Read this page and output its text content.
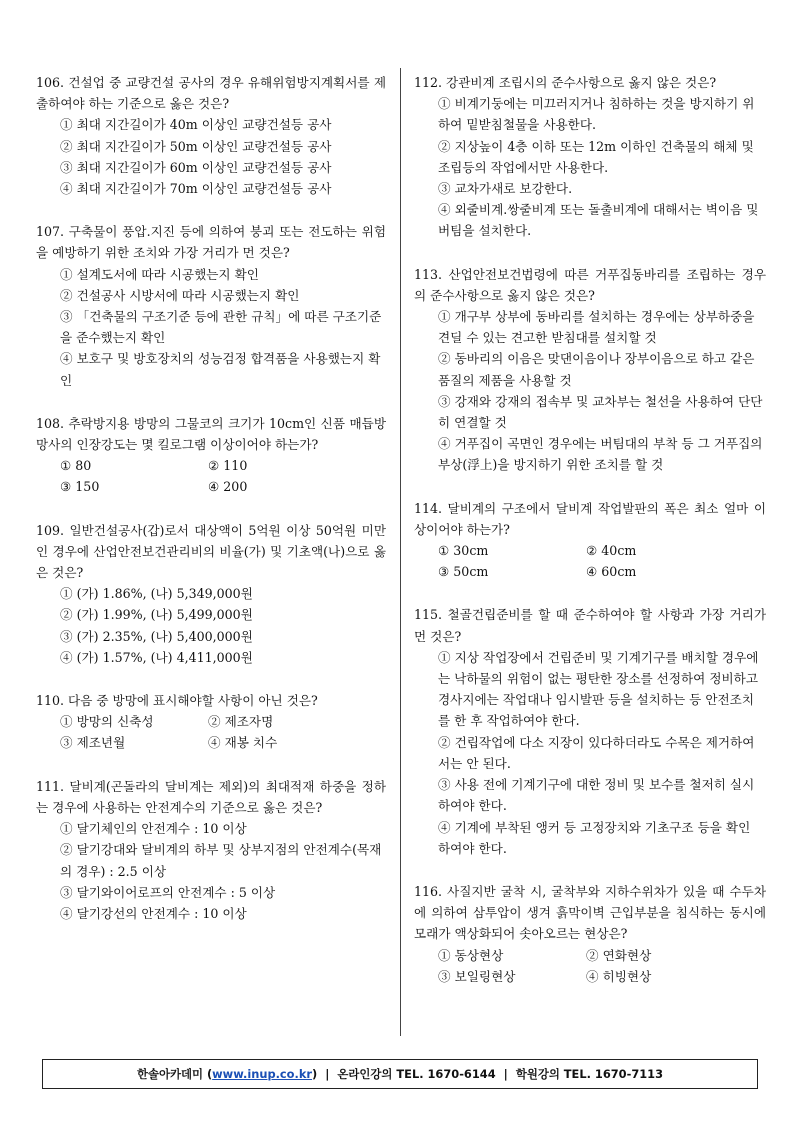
106. 건설업 중 교량건설 공사의 경우 유해위험방지계획서를 제출하여야 하는 기준으로 옳은 것은?
① 최대 지간길이가 40m 이상인 교량건설등 공사
② 최대 지간길이가 50m 이상인 교량건설등 공사
③ 최대 지간길이가 60m 이상인 교량건설등 공사
④ 최대 지간길이가 70m 이상인 교량건설등 공사
107. 구축물이 풍압.지진 등에 의하여 붕괴 또는 전도하는 위험을 예방하기 위한 조치와 가장 거리가 먼 것은?
① 설계도서에 따라 시공했는지 확인
② 건설공사 시방서에 따라 시공했는지 확인
③ 「건축물의 구조기준 등에 관한 규칙」에 따른 구조기준을 준수했는지 확인
④ 보호구 및 방호장치의 성능검정 합격품을 사용했는지 확인
108. 추락방지용 방망의 그물코의 크기가 10cm인 신품 매듭방망사의 인장강도는 몇 킬로그램 이상이어야 하는가?
① 80	② 110
③ 150	④ 200
109. 일반건설공사(갑)로서 대상액이 5억원 이상 50억원 미만인 경우에 산업안전보건관리비의 비율(가) 및 기초액(나)으로 옳은 것은?
① (가) 1.86%, (나) 5,349,000원
② (가) 1.99%, (나) 5,499,000원
③ (가) 2.35%, (나) 5,400,000원
④ (가) 1.57%, (나) 4,411,000원
110. 다음 중 방망에 표시해야할 사항이 아닌 것은?
① 방망의 신축성	② 제조자명
③ 제조년월	④ 재봉 치수
111. 달비계(곤돌라의 달비계는 제외)의 최대적재 하중을 정하는 경우에 사용하는 안전계수의 기준으로 옳은 것은?
① 달기체인의 안전계수 : 10 이상
② 달기강대와 달비계의 하부 및 상부지점의 안전계수(목재의 경우) : 2.5 이상
③ 달기와이어로프의 안전계수 : 5 이상
④ 달기강선의 안전계수 : 10 이상
112. 강관비계 조립시의 준수사항으로 옳지 않은 것은?
① 비계기둥에는 미끄러지거나 침하하는 것을 방지하기 위하여 밑받침철물을 사용한다.
② 지상높이 4층 이하 또는 12m 이하인 건축물의 해체 및 조립등의 작업에서만 사용한다.
③ 교차가새로 보강한다.
④ 외줄비계.쌍줄비계 또는 돌출비계에 대해서는 벽이음 및 버팀을 설치한다.
113. 산업안전보건법령에 따른 거푸집동바리를 조립하는 경우의 준수사항으로 옳지 않은 것은?
① 개구부 상부에 동바리를 설치하는 경우에는 상부하중을 견딜 수 있는 견고한 받침대를 설치할 것
② 동바리의 이음은 맞댄이음이나 장부이음으로 하고 같은 품질의 제품을 사용할 것
③ 강재와 강재의 접속부 및 교차부는 철선을 사용하여 단단히 연결할 것
④ 거푸집이 곡면인 경우에는 버팀대의 부착 등 그 거푸집의 부상(浮上)을 방지하기 위한 조치를 할 것
114. 달비계의 구조에서 달비계 작업발판의 폭은 최소 얼마 이상이어야 하는가?
① 30cm	② 40cm
③ 50cm	④ 60cm
115. 철골건립준비를 할 때 준수하여야 할 사항과 가장 거리가 먼 것은?
① 지상 작업장에서 건립준비 및 기계기구를 배치할 경우에는 낙하물의 위험이 없는 평탄한 장소를 선정하여 정비하고 경사지에는 작업대나 임시발판 등을 설치하는 등 안전조치를 한 후 작업하여야 한다.
② 건립작업에 다소 지장이 있다하더라도 수목은 제거하여서는 안 된다.
③ 사용 전에 기계기구에 대한 정비 및 보수를 철저히 실시하여야 한다.
④ 기계에 부착된 앵커 등 고정장치와 기초구조 등을 확인 하여야 한다.
116. 사질지반 굴착 시, 굴착부와 지하수위차가 있을 때 수두차에 의하여 삼투압이 생겨 흙막이벽 근입부분을 침식하는 동시에 모래가 액상화되어 솟아오르는 현상은?
① 동상현상	② 연화현상
③ 보일링현상	④ 히빙현상
한솔아카데미 ( www.inup.co.kr ) | 온라인강의 TEL. 1670-6144 | 학원강의 TEL. 1670-7113
